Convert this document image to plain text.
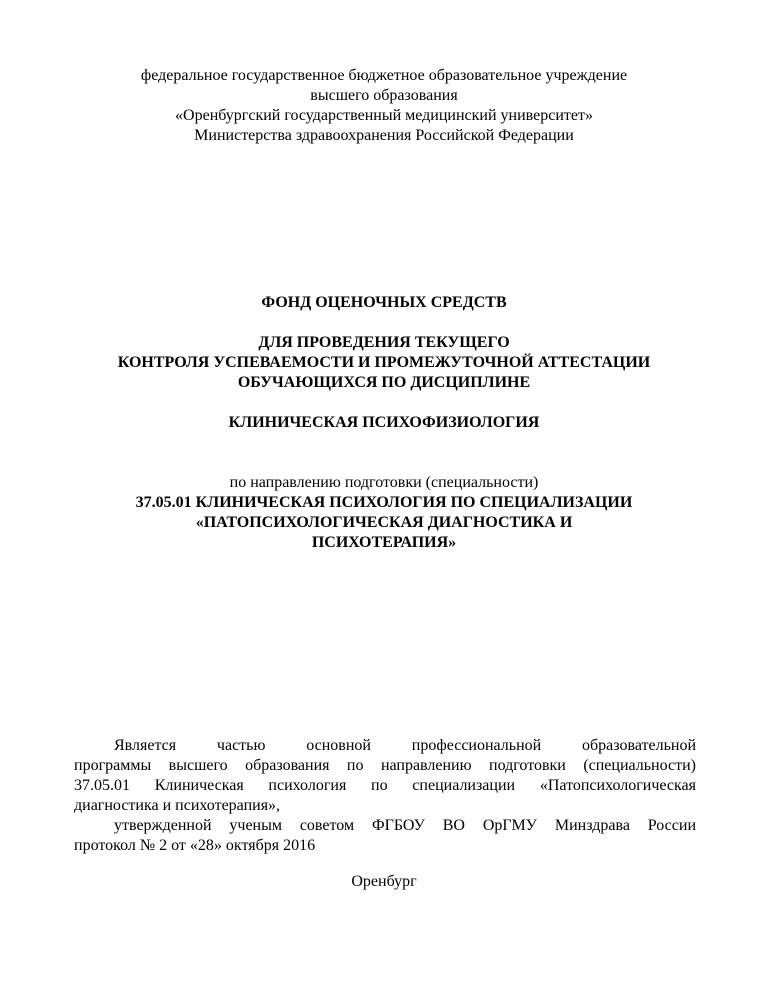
федеральное государственное бюджетное образовательное учреждение
высшего образования
«Оренбургский государственный медицинский университет»
Министерства здравоохранения Российской Федерации
ФОНД ОЦЕНОЧНЫХ СРЕДСТВ
ДЛЯ ПРОВЕДЕНИЯ ТЕКУЩЕГО
КОНТРОЛЯ УСПЕВАЕМОСТИ И ПРОМЕЖУТОЧНОЙ АТТЕСТАЦИИ
ОБУЧАЮЩИХСЯ ПО ДИСЦИПЛИНЕ
КЛИНИЧЕСКАЯ ПСИХОФИЗИОЛОГИЯ
по направлению подготовки (специальности)
37.05.01 КЛИНИЧЕСКАЯ ПСИХОЛОГИЯ ПО СПЕЦИАЛИЗАЦИИ
«ПАТОПСИХОЛОГИЧЕСКАЯ ДИАГНОСТИКА И
ПСИХОТЕРАПИЯ»
Является частью основной профессиональной образовательной
программы высшего образования по направлению подготовки (специальности)
37.05.01 Клиническая психология по специализации «Патопсихологическая
диагностика и психотерапия»,
утвержденной ученым советом ФГБОУ ВО ОрГМУ Минздрава России
протокол № 2 от «28» октября 2016
Оренбург
